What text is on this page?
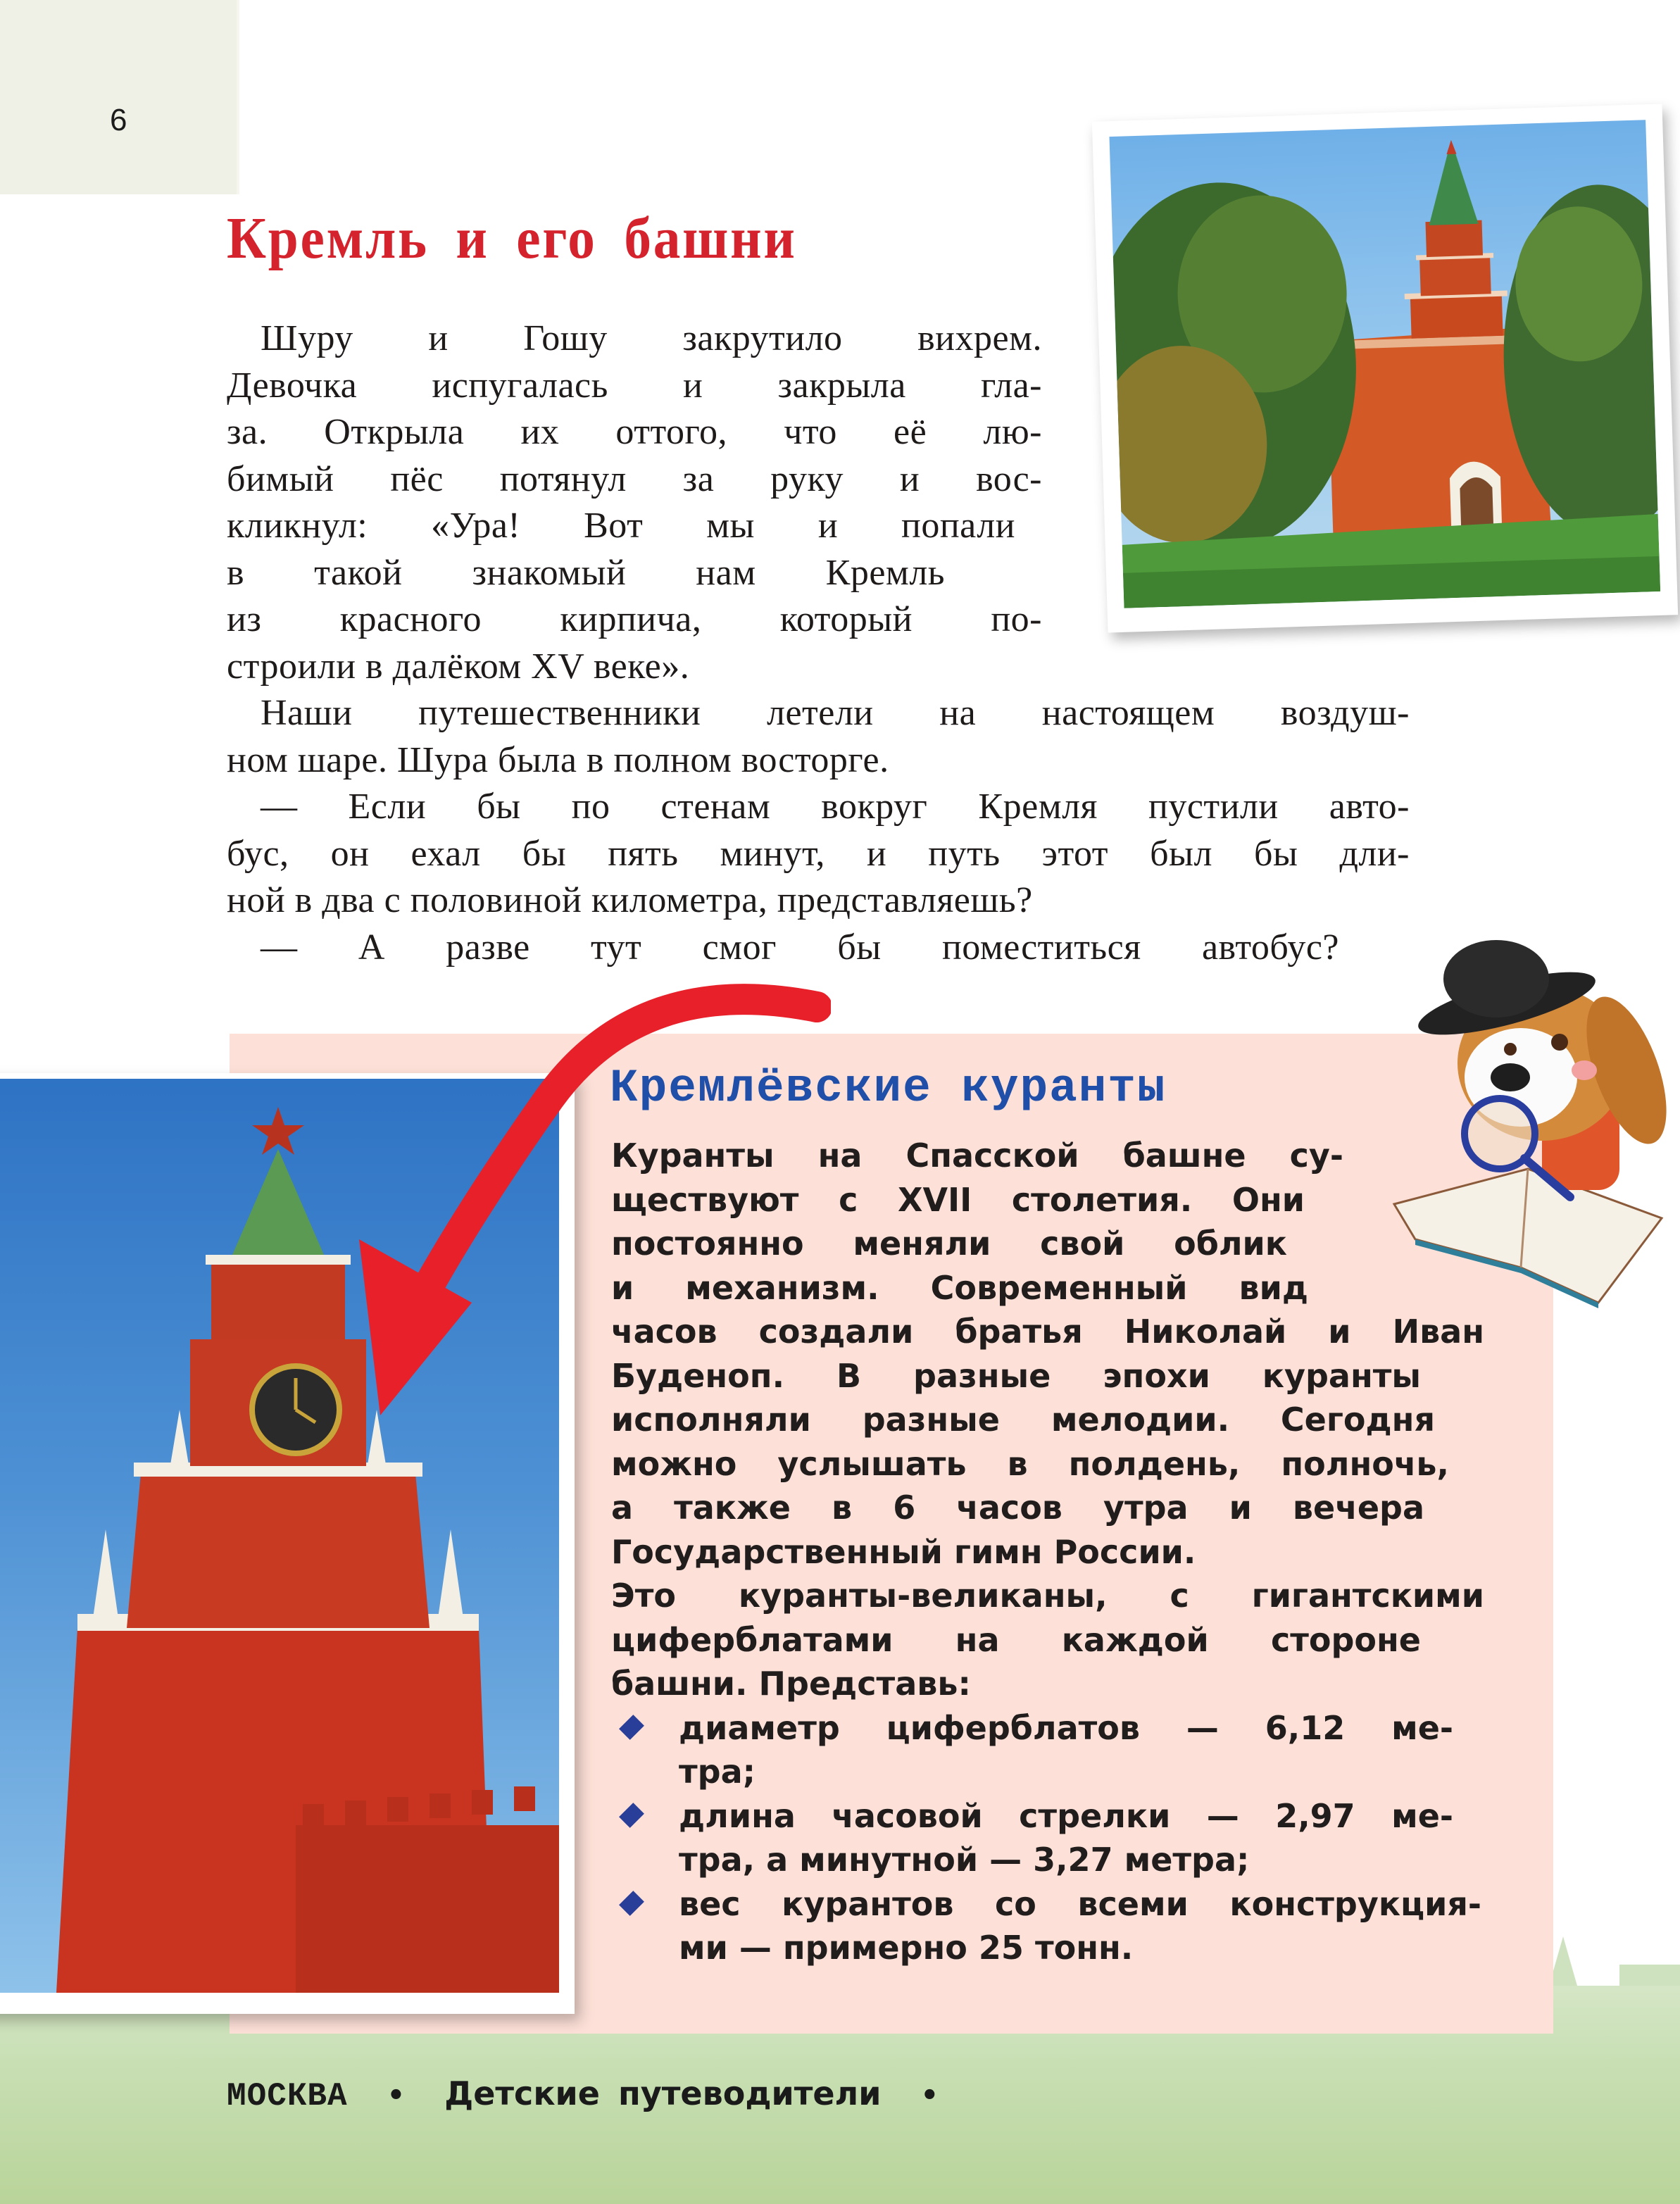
6
Кремль и его башни
Шуру и Гошу закрутило вихрем.
Девочка испугалась и закрыла гла-
за. Открыла их оттого, что её лю-
бимый пёс потянул за руку и вос-
кликнул: «Ура! Вот мы и попали
в такой знакомый нам Кремль
из красного кирпича, который по-
строили в далёком XV веке».
Наши путешественники летели на настоящем воздуш-
ном шаре. Шура была в полном восторге.
— Если бы по стенам вокруг Кремля пустили авто-
бус, он ехал бы пять минут, и путь этот был бы дли-
ной в два с половиной километра, представляешь?
— А разве тут смог бы поместиться автобус?
Кремлёвские куранты
Куранты на Спасской башне су-
ществуют с XVII столетия. Они
постоянно меняли свой облик
и механизм. Современный вид
часов создали братья Николай и Иван
Буденоп. В разные эпохи куранты
исполняли разные мелодии. Сегодня
можно услышать в полдень, полночь,
а также в 6 часов утра и вечера
Государственный гимн России.
Это куранты-великаны, с гигантскими
циферблатами на каждой стороне
башни. Представь:
диаметр циферблатов — 6,12 ме-
тра;
длина часовой стрелки — 2,97 ме-
тра, а минутной — 3,27 метра;
вес курантов со всеми конструкция-
ми — примерно 25 тонн.
МОСКВА • Детские путеводители •
